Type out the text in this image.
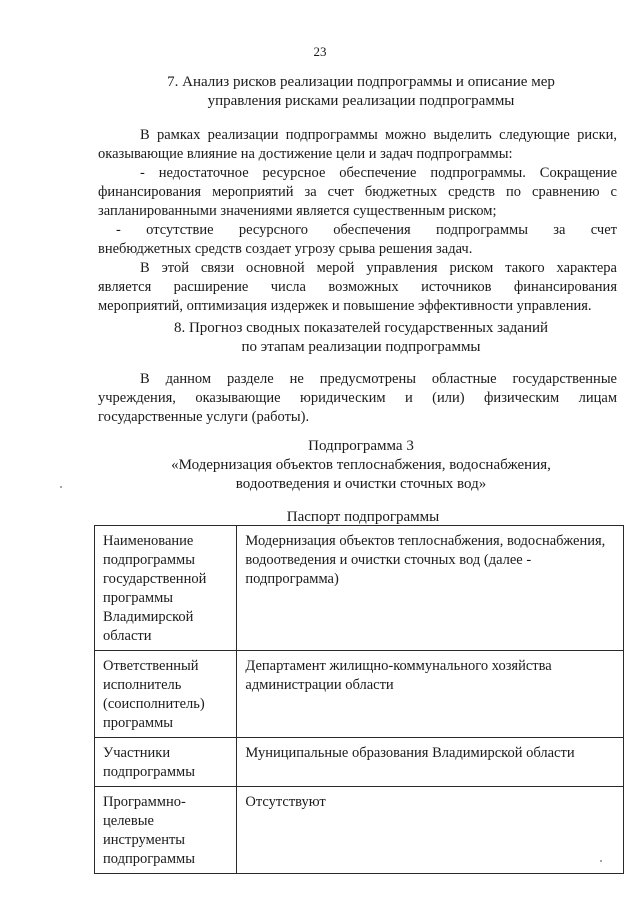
23
7. Анализ рисков реализации подпрограммы и описание мер
управления рисками реализации подпрограммы
В рамках реализации подпрограммы можно выделить следующие риски,
оказывающие влияние на достижение цели и задач подпрограммы:
- недостаточное ресурсное обеспечение подпрограммы. Сокращение
финансирования мероприятий за счет бюджетных средств по сравнению с
запланированными значениями является существенным риском;
- отсутствие ресурсного обеспечения подпрограммы за счет
внебюджетных средств создает угрозу срыва решения задач.
В этой связи основной мерой управления риском такого характера
является расширение числа возможных источников финансирования
мероприятий, оптимизация издержек и повышение эффективности управления.
8. Прогноз сводных показателей государственных заданий
по этапам реализации подпрограммы
В данном разделе не предусмотрены областные государственные
учреждения, оказывающие юридическим и (или) физическим лицам
государственные услуги (работы).
Подпрограмма 3
«Модернизация объектов теплоснабжения, водоснабжения,
водоотведения и очистки сточных вод»
Паспорт подпрограммы
Наименование подпрограммы государственной программы Владимирской области	Модернизация объектов теплоснабжения, водоснабжения, водоотведения и очистки сточных вод (далее - подпрограмма)
Ответственный исполнитель (соисполнитель) программы	Департамент жилищно-коммунального хозяйства администрации области
Участники подпрограммы	Муниципальные образования Владимирской области
Программно-целевые инструменты подпрограммы	Отсутствуют
